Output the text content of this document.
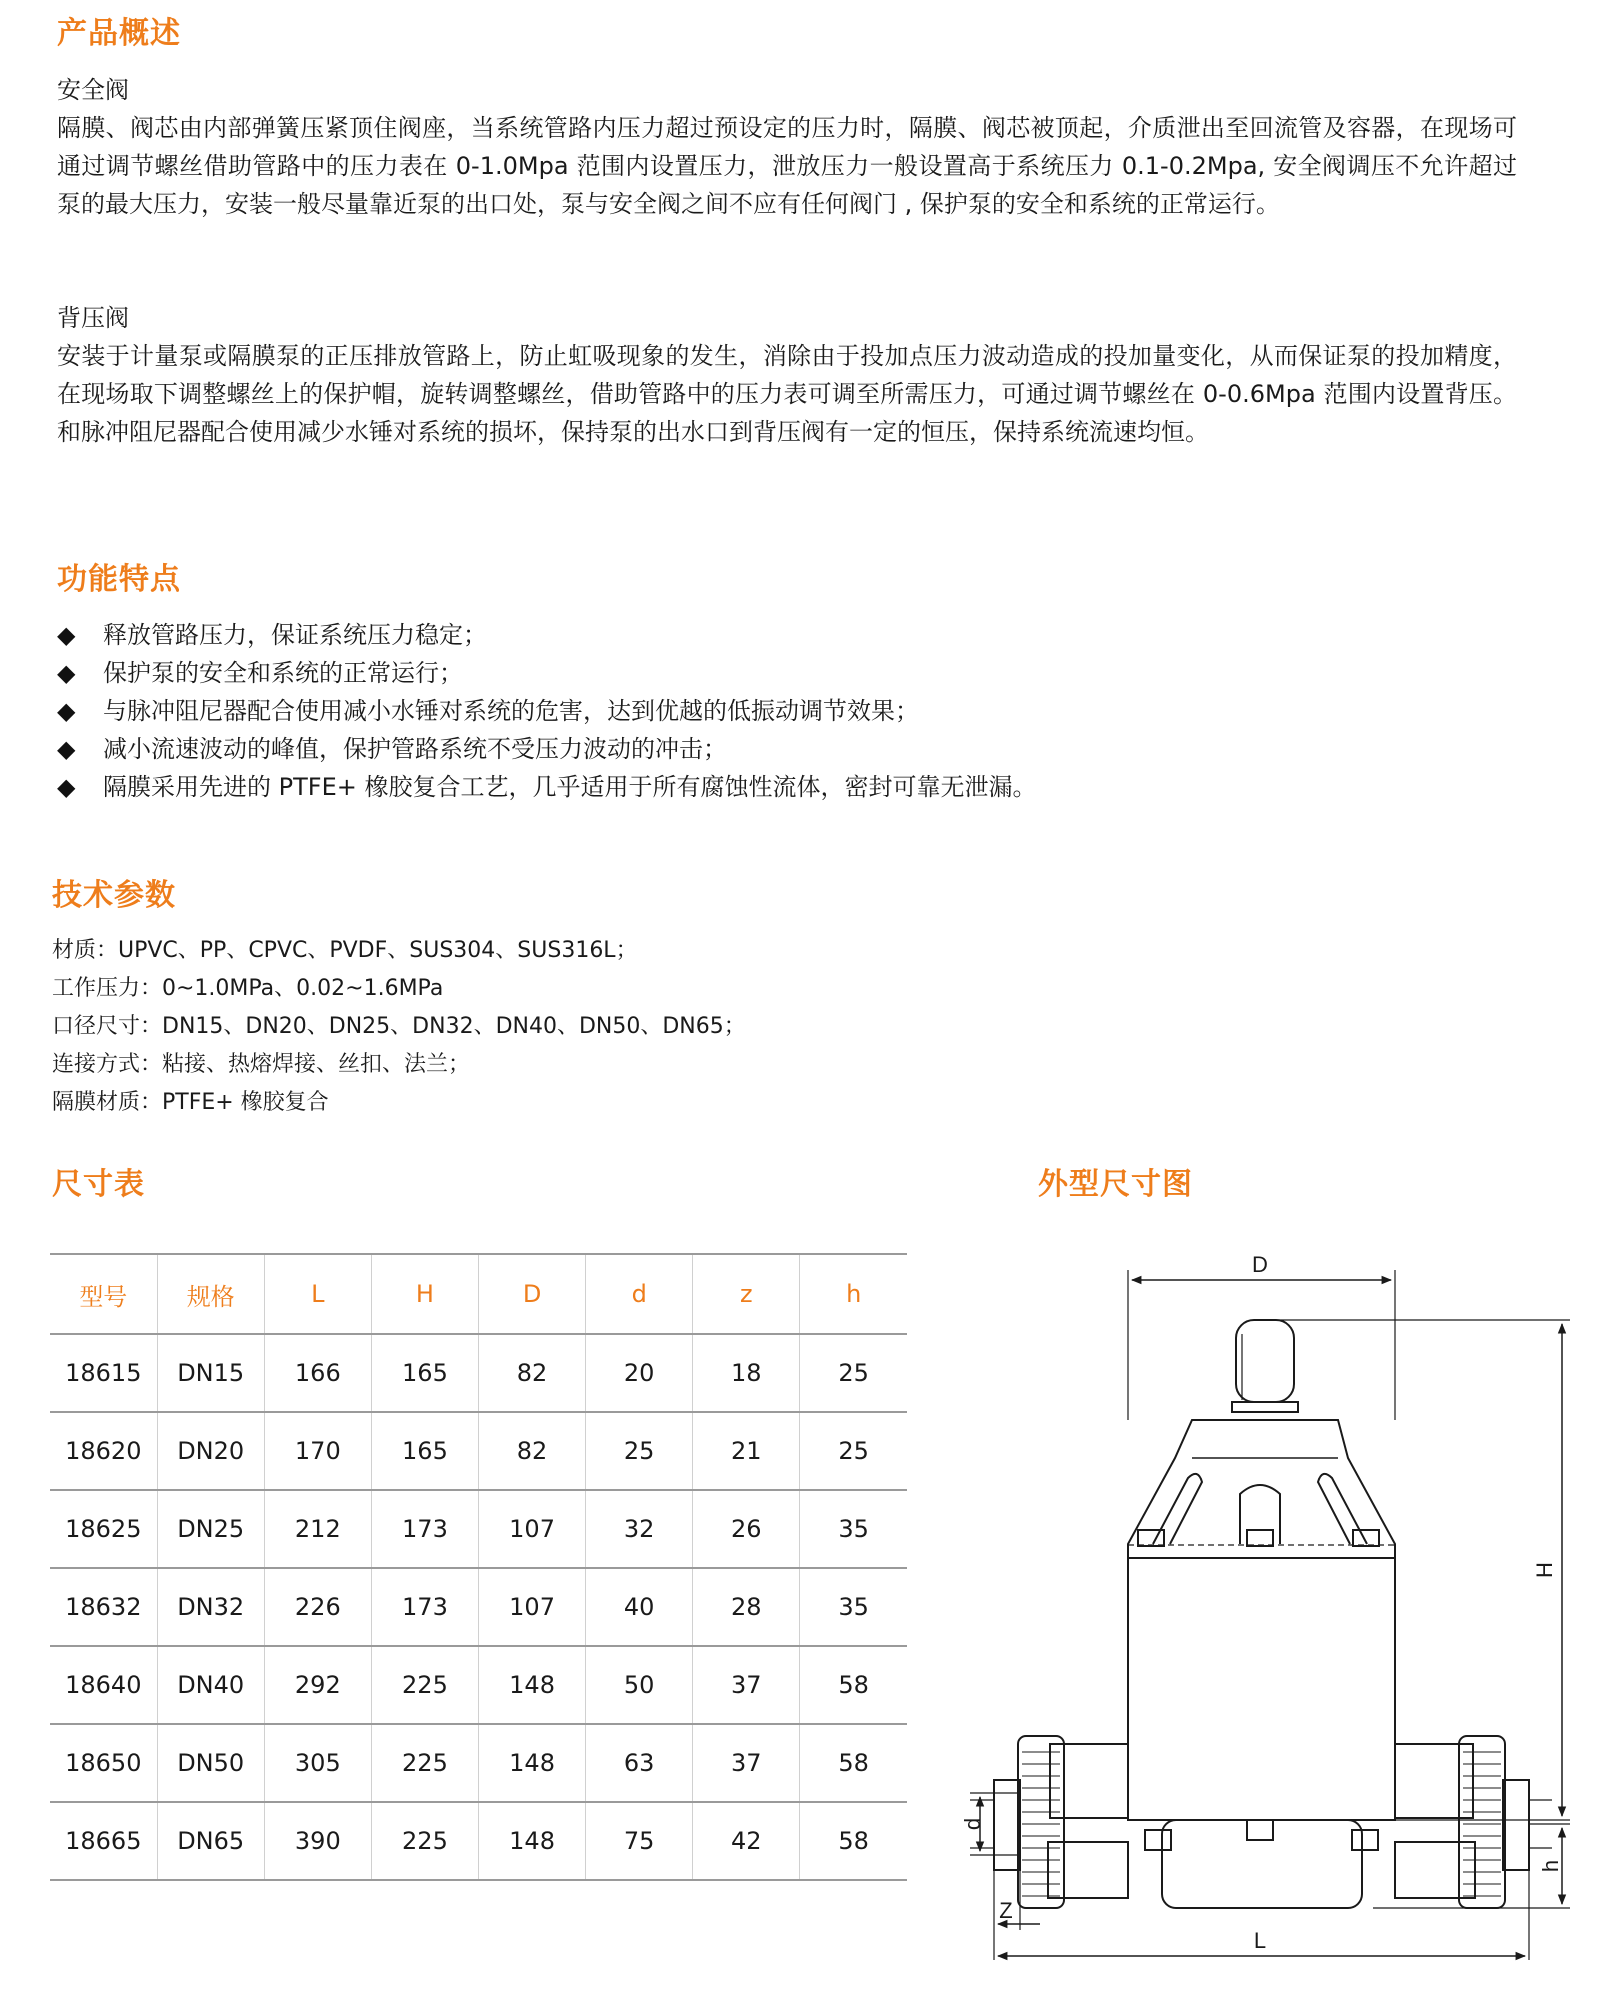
产品概述
安全阀
隔膜、阀芯由内部弹簧压紧顶住阀座，当系统管路内压力超过预设定的压力时，隔膜、阀芯被顶起，介质泄出至回流管及容器，在现场可通过调节螺丝借助管路中的压力表在 0-1.0Mpa 范围内设置压力，泄放压力一般设置高于系统压力 0.1-0.2Mpa, 安全阀调压不允许超过泵的最大压力，安装一般尽量靠近泵的出口处，泵与安全阀之间不应有任何阀门 , 保护泵的安全和系统的正常运行。
背压阀
安装于计量泵或隔膜泵的正压排放管路上，防止虹吸现象的发生，消除由于投加点压力波动造成的投加量变化，从而保证泵的投加精度，在现场取下调整螺丝上的保护帽，旋转调整螺丝，借助管路中的压力表可调至所需压力，可通过调节螺丝在 0-0.6Mpa 范围内设置背压。和脉冲阻尼器配合使用减少水锤对系统的损坏，保持泵的出水口到背压阀有一定的恒压，保持系统流速均恒。
功能特点
◆ 释放管路压力，保证系统压力稳定；
◆ 保护泵的安全和系统的正常运行；
◆ 与脉冲阻尼器配合使用减小水锤对系统的危害，达到优越的低振动调节效果；
◆ 减小流速波动的峰值，保护管路系统不受压力波动的冲击；
◆ 隔膜采用先进的 PTFE+ 橡胶复合工艺，几乎适用于所有腐蚀性流体，密封可靠无泄漏。
技术参数
材质：UPVC、PP、CPVC、PVDF、SUS304、SUS316L；
工作压力：0~1.0MPa、0.02~1.6MPa
口径尺寸：DN15、DN20、DN25、DN32、DN40、DN50、DN65；
连接方式：粘接、热熔焊接、丝扣、法兰；
隔膜材质：PTFE+ 橡胶复合
尺寸表
型号	规格	L	H	D	d	z	h
18615	DN15	166	165	82	20	18	25
18620	DN20	170	165	82	25	21	25
18625	DN25	212	173	107	32	26	35
18632	DN32	226	173	107	40	28	35
18640	DN40	292	225	148	50	37	58
18650	DN50	305	225	148	63	37	58
18665	DN65	390	225	148	75	42	58
外型尺寸图
D
H
d
h
Z
L
